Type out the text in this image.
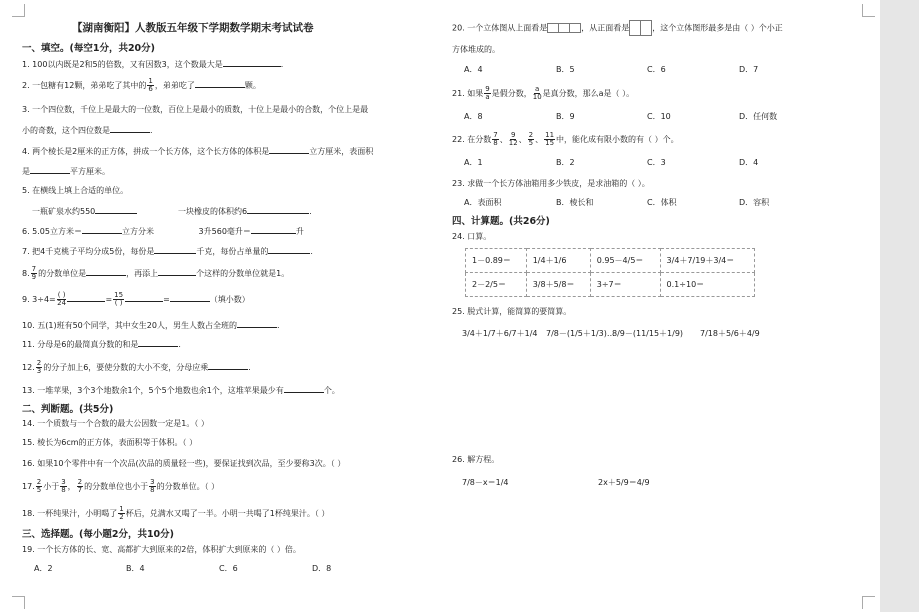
【湖南衡阳】人教版五年级下学期数学期末考试试卷
一、填空。(每空1分，共20分)
1. 100以内既是2和5的倍数，又有因数3，这个数最大是	.
2. 一包糖有12颗，弟弟吃了其中的 $\frac{1}{6}$ ，弟弟吃了	颗。
3. 一个四位数，千位上是最大的一位数，百位上是最小的质数，十位上是最小的合数，个位上是最
小的奇数，这个四位数是	.
4. 两个棱长是2厘米的正方体，拼成一个长方体，这个长方体的体积是	立方厘米，表面积
是	平方厘米。
5. 在横线上填上合适的单位。
一瓶矿泉水约550	一块橡皮的体积约6	.
6. 5.05立方米＝	立方分米	3升560毫升＝	升
7. 把4千克桃子平均分成5份，每份是	千克，每份占单量的	.
8. $\frac{7}{9}$ 的分数单位是	，再添上	个这样的分数单位就是1。
9. $3\div 4= \frac{( )}{24}$	= $\frac{15}{( )}$	=	（填小数）
10. 五(1)班有50个同学，其中女生20人，男生人数占全班的	.
11. 分母是6的最简真分数的和是	.
12. $\frac{2}{3}$ 的分子加上6，要使分数的大小不变，分母应乘	.
13. 一堆苹果，3个3个地数余1个，5个5个地数也余1个，这堆苹果最少有	个。
二、判断题。(共5分)
14. 一个质数与一个合数的最大公因数一定是1。（ ）
15. 棱长为6cm的正方体，表面积等于体积。（ ）
16. 如果10个零件中有一个次品(次品的质量轻一些)，要保证找到次品，至少要称3次。（ ）
17. $\frac{2}{5}$ 小于 $\frac{3}{8}$ ， $\frac{2}{7}$ 的分数单位也小于 $\frac{3}{8}$ 的分数单位。（ ）
18. 一杯纯果汁，小明喝了 $\frac{1}{2}$ 杯后，兑满水又喝了一半。小明一共喝了1杯纯果汁。（ ）
三、选择题。(每小题2分，共10分)
19. 一个长方体的长、宽、高都扩大到原来的2倍，体积扩大到原来的（ ）倍。
A．2	B．4	C．6	D．8
20. 一个立体图从上面看是	，从正面看是	，这个立体图形最多是由（ ）个小正
方体堆成的。
A．4	B．5	C．6	D．7
21. 如果 $\frac{9}{a}$ 是假分数， $\frac{a}{10}$ 是真分数，那么a是（ ）。
A．8	B．9	C．10	D．任何数
22. 在分数 $\frac{7}{8}$ 、 $\frac{9}{12}$ 、 $\frac{2}{5}$ 、 $\frac{11}{15}$ 中，能化成有限小数的有（ ）个。
A．1	B．2	C．3	D．4
23. 求做一个长方体油箱用多少铁皮，是求油箱的（ ）。
A．表面积	B．棱长和	C．体积	D．容积
四、计算题。(共26分)
24. 口算。
1－0.89＝	1/4＋1/6	0.95－4/5＝	3/4＋7/19＋3/4＝
2－2/5＝	3/8＋5/8＝	3÷7＝	0.1÷10＝
25. 脱式计算，能简算的要简算。
3/4＋1/7＋6/7＋1/4 7/8－(1/5＋1/3)…
8/9－(11/15＋1/9) 7/18＋5/6＋4/9
26. 解方程。
7/8－x＝1/4	2x＋5/9＝4/9
